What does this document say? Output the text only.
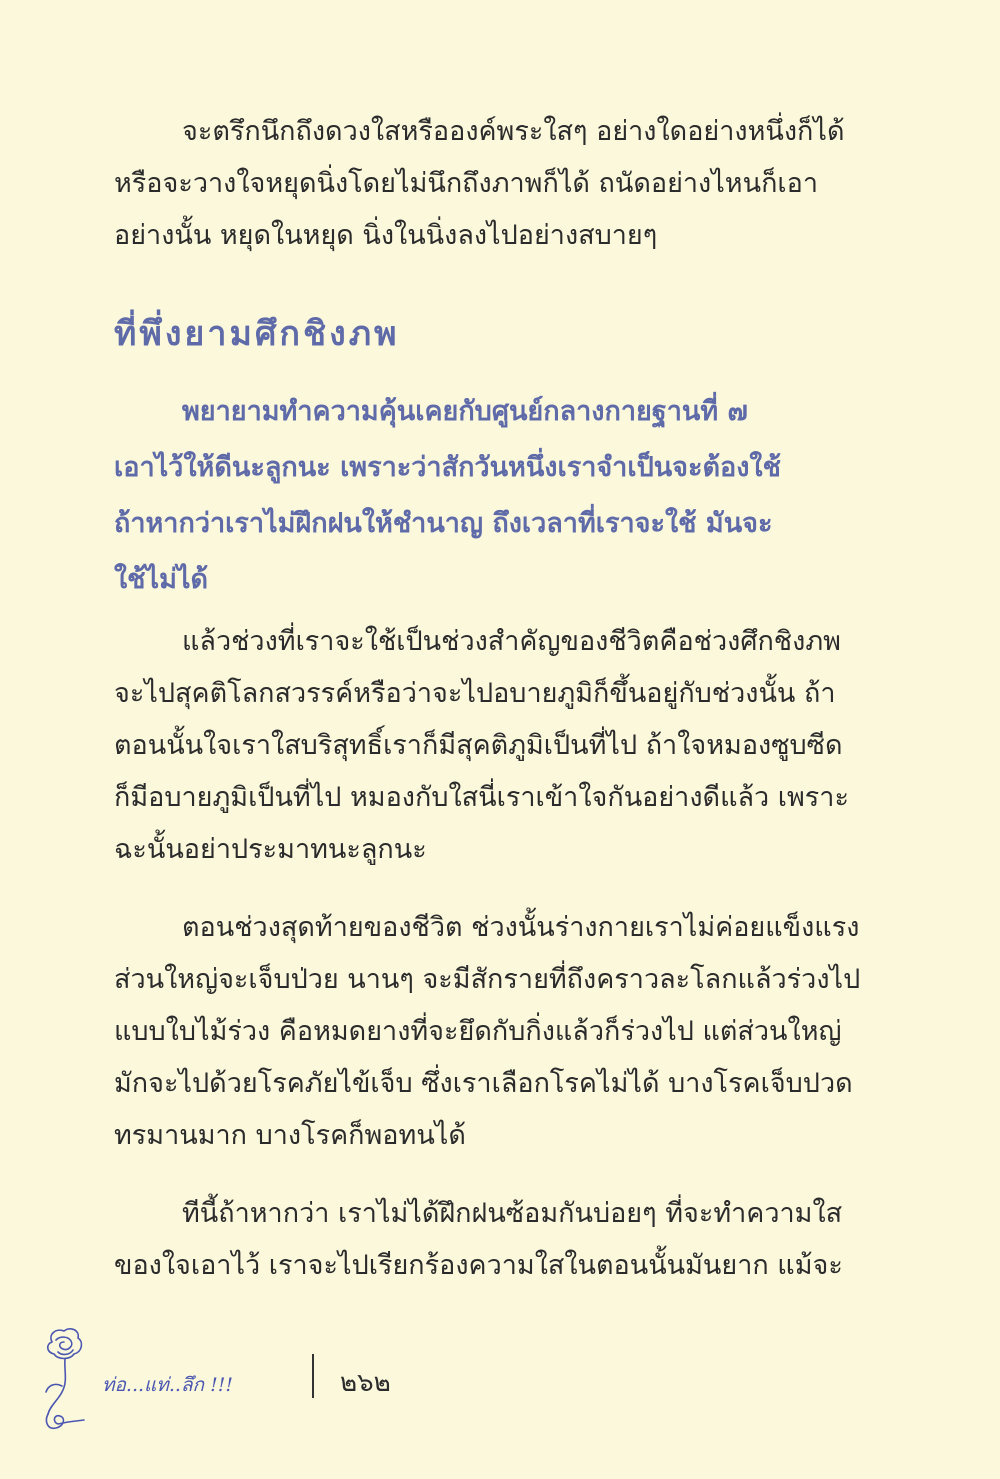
จะตรึกนึกถึงดวงใสหรือองค์พระใสๆ อย่างใดอย่างหนึ่งก็ได้
หรือจะวางใจหยุดนิ่งโดยไม่นึกถึงภาพก็ได้ ถนัดอย่างไหนก็เอา
อย่างนั้น หยุดในหยุด นิ่งในนิ่งลงไปอย่างสบายๆ
ที่พึ่งยามศึกชิงภพ
พยายามทำความคุ้นเคยกับศูนย์กลางกายฐานที่ ๗
เอาไว้ให้ดีนะลูกนะ เพราะว่าสักวันหนึ่งเราจำเป็นจะต้องใช้
ถ้าหากว่าเราไม่ฝึกฝนให้ชำนาญ ถึงเวลาที่เราจะใช้ มันจะ
ใช้ไม่ได้
แล้วช่วงที่เราจะใช้เป็นช่วงสำคัญของชีวิตคือช่วงศึกชิงภพ
จะไปสุคติโลกสวรรค์หรือว่าจะไปอบายภูมิก็ขึ้นอยู่กับช่วงนั้น ถ้า
ตอนนั้นใจเราใสบริสุทธิ์เราก็มีสุคติภูมิเป็นที่ไป ถ้าใจหมองซูบซีด
ก็มีอบายภูมิเป็นที่ไป หมองกับใสนี่เราเข้าใจกันอย่างดีแล้ว เพราะ
ฉะนั้นอย่าประมาทนะลูกนะ
ตอนช่วงสุดท้ายของชีวิต ช่วงนั้นร่างกายเราไม่ค่อยแข็งแรง
ส่วนใหญ่จะเจ็บป่วย นานๆ จะมีสักรายที่ถึงคราวละโลกแล้วร่วงไป
แบบใบไม้ร่วง คือหมดยางที่จะยึดกับกิ่งแล้วก็ร่วงไป แต่ส่วนใหญ่
มักจะไปด้วยโรคภัยไข้เจ็บ ซึ่งเราเลือกโรคไม่ได้ บางโรคเจ็บปวด
ทรมานมาก บางโรคก็พอทนได้
ทีนี้ถ้าหากว่า เราไม่ได้ฝึกฝนซ้อมกันบ่อยๆ ที่จะทำความใส
ของใจเอาไว้ เราจะไปเรียกร้องความใสในตอนนั้นมันยาก แม้จะ
ท่อ...แท่..ลึก !!!	๒๖๒
